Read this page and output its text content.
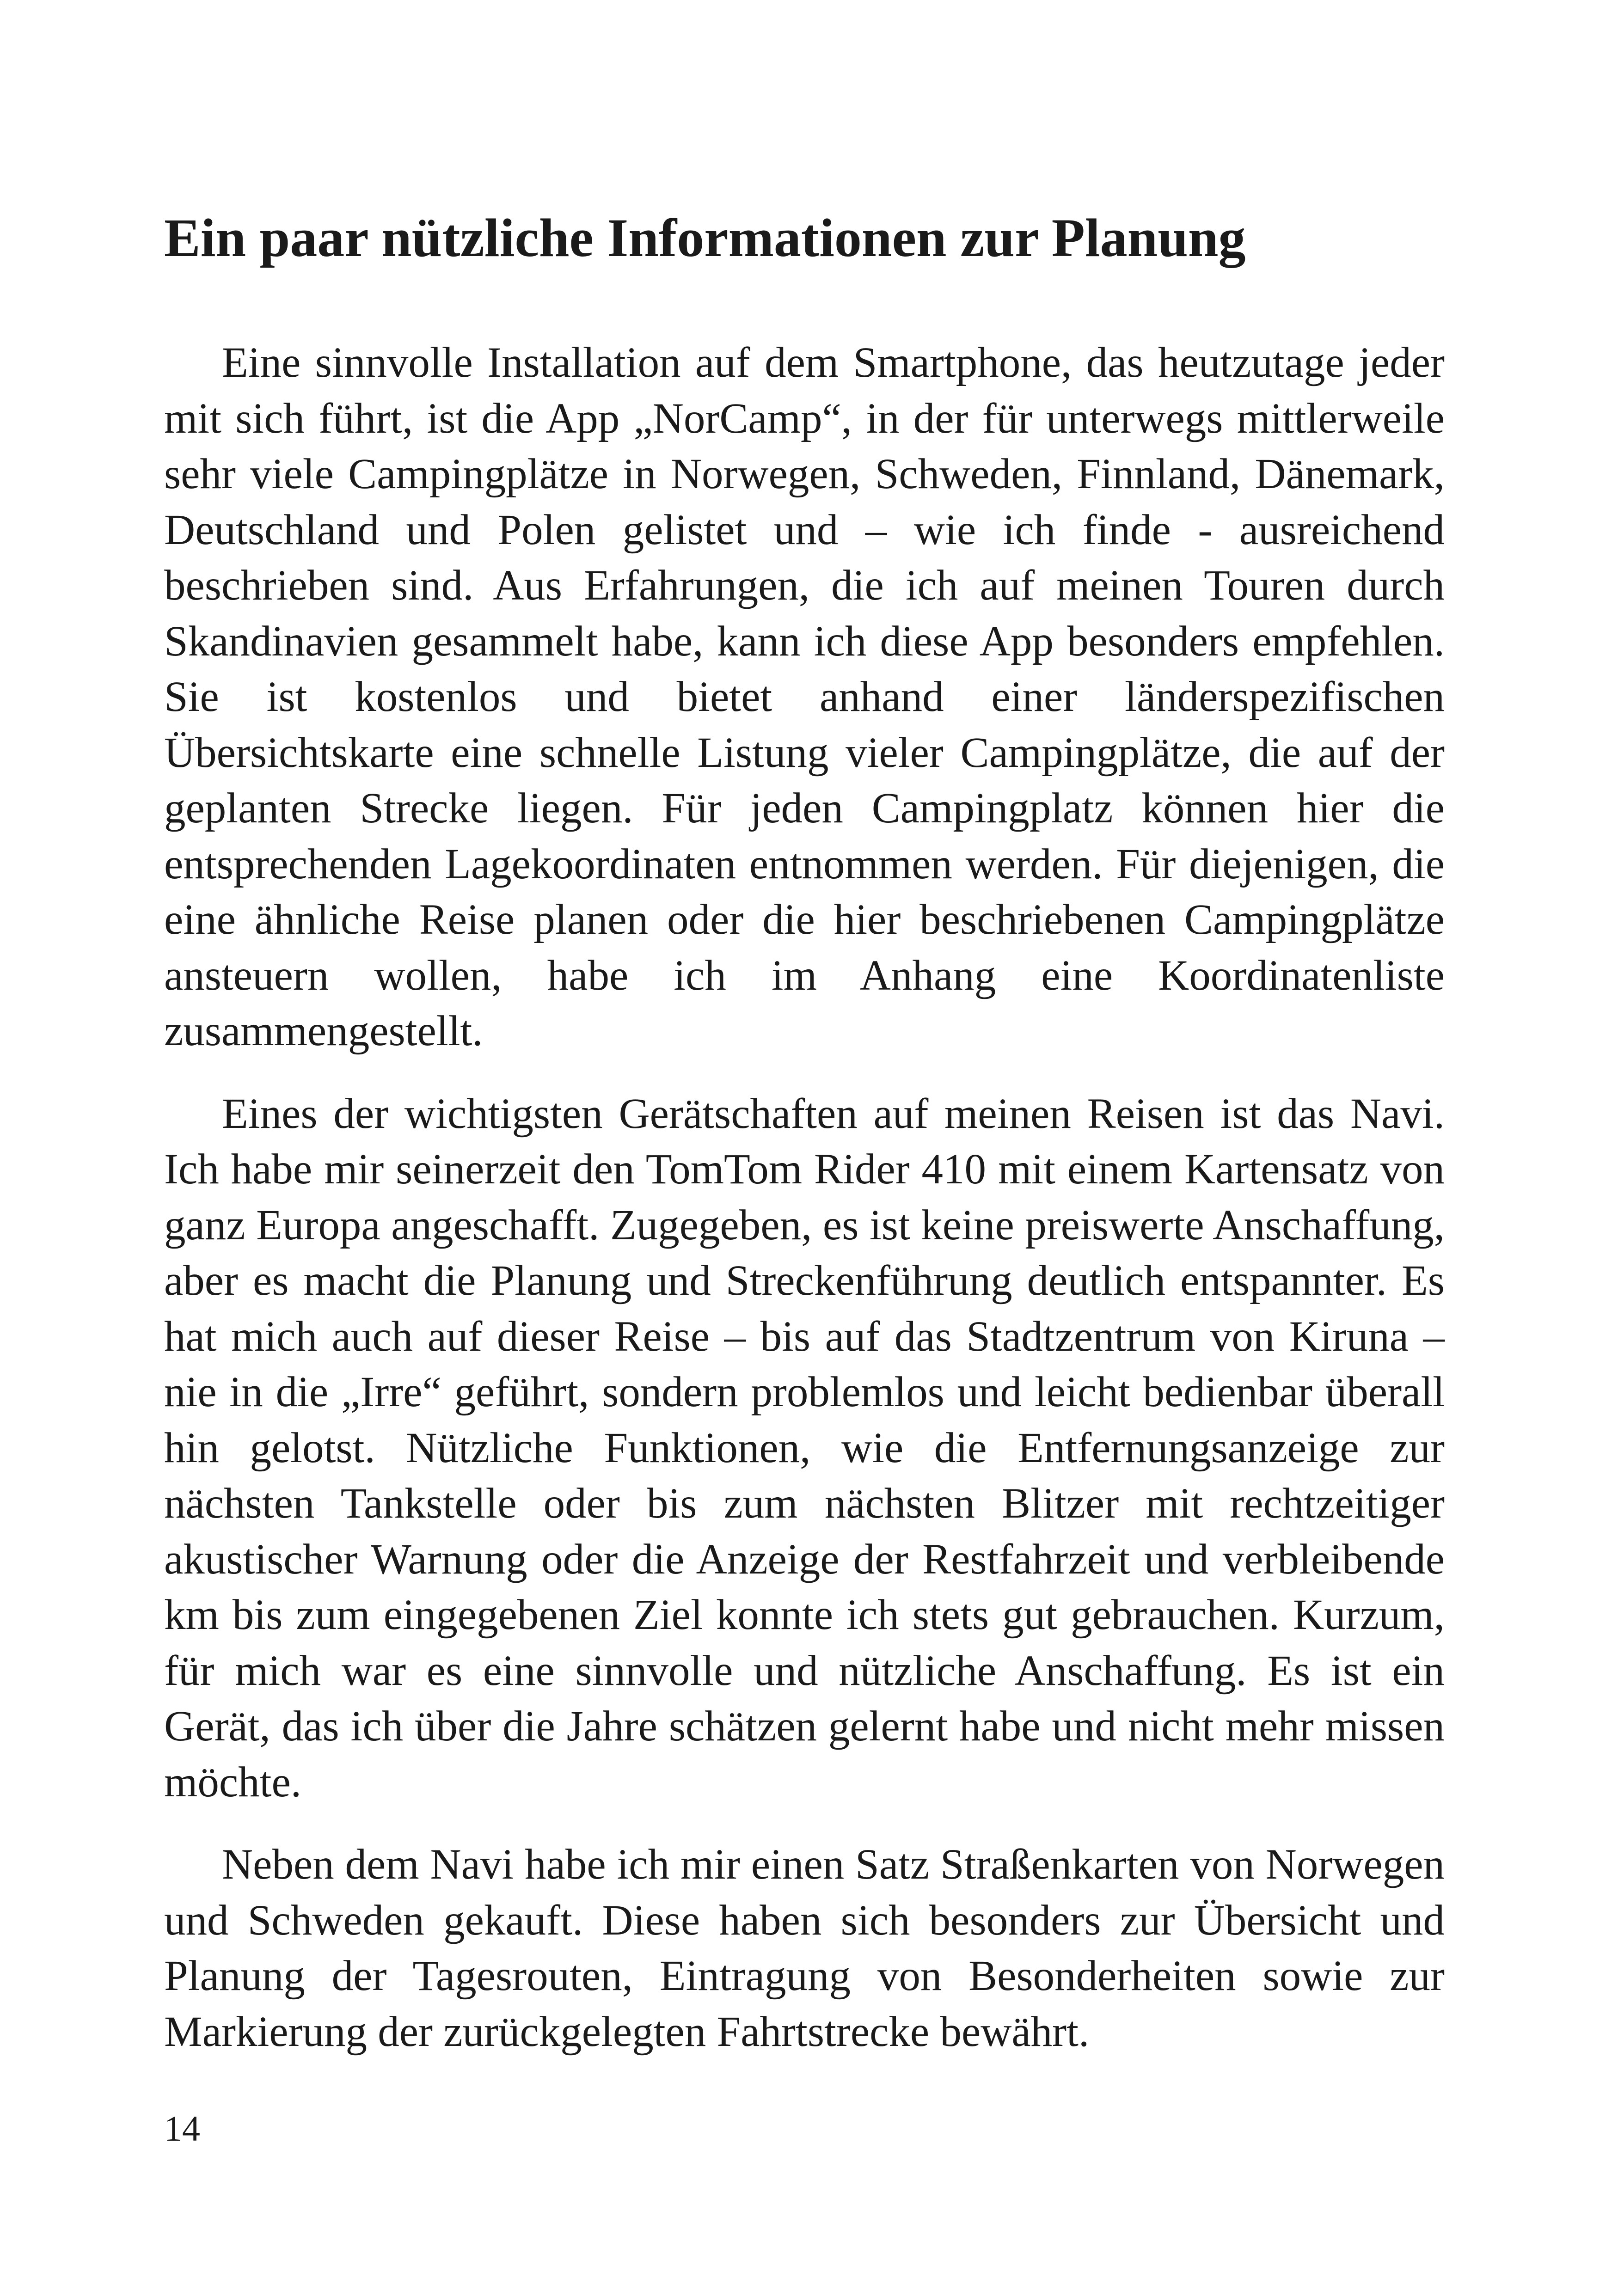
Ein paar nützliche Informationen zur Planung

Eine sinnvolle Installation auf dem Smartphone, das heutzutage jeder mit sich führt, ist die App „NorCamp“, in der für unterwegs mittlerweile sehr viele Campingplätze in Norwegen, Schweden, Finnland, Dänemark, Deutschland und Polen gelistet und – wie ich finde - ausreichend beschrieben sind. Aus Erfahrungen, die ich auf meinen Touren durch Skandinavien gesammelt habe, kann ich diese App besonders empfehlen. Sie ist kostenlos und bietet anhand einer länderspezifischen Übersichtskarte eine schnelle Listung vieler Campingplätze, die auf der geplanten Strecke liegen. Für jeden Campingplatz können hier die entsprechenden Lagekoordinaten entnommen werden. Für diejenigen, die eine ähnliche Reise planen oder die hier beschriebenen Campingplätze ansteuern wollen, habe ich im Anhang eine Koordinatenliste zusammengestellt.

Eines der wichtigsten Gerätschaften auf meinen Reisen ist das Navi. Ich habe mir seinerzeit den TomTom Rider 410 mit einem Kartensatz von ganz Europa angeschafft. Zugegeben, es ist keine preiswerte Anschaffung, aber es macht die Planung und Streckenführung deutlich entspannter. Es hat mich auch auf dieser Reise – bis auf das Stadtzentrum von Kiruna – nie in die „Irre“ geführt, sondern problemlos und leicht bedienbar überall hin gelotst. Nützliche Funktionen, wie die Entfernungsanzeige zur nächsten Tankstelle oder bis zum nächsten Blitzer mit rechtzeitiger akustischer Warnung oder die Anzeige der Restfahrzeit und verbleibende km bis zum eingegebenen Ziel konnte ich stets gut gebrauchen. Kurzum, für mich war es eine sinnvolle und nützliche Anschaffung. Es ist ein Gerät, das ich über die Jahre schätzen gelernt habe und nicht mehr missen möchte.

Neben dem Navi habe ich mir einen Satz Straßenkarten von Norwegen und Schweden gekauft. Diese haben sich besonders zur Übersicht und Planung der Tagesrouten, Eintragung von Besonderheiten sowie zur Markierung der zurückgelegten Fahrtstrecke bewährt.

14
